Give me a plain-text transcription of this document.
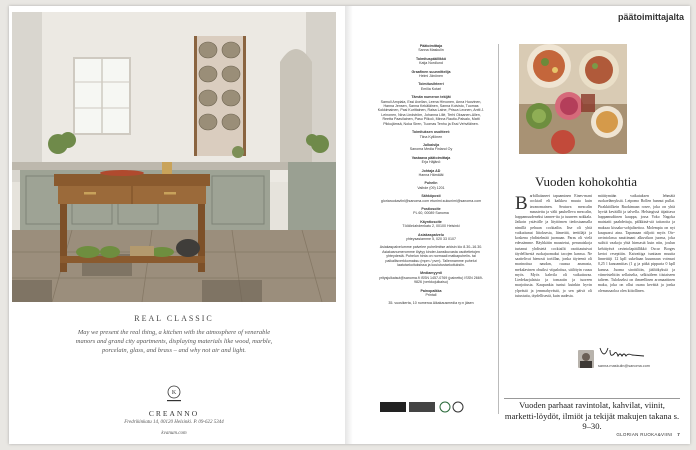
REAL CLASSIC
May we present the real thing, a kitchen with the atmosphere of venerable manors and grand city apartments, displaying materials like wood, marble, porcelain, glass, and brass – and why not air and light.
K
CREANNO
Fredrikinkatu 14, 00120 Helsinki. P. 09-622 5344
kvanum.com
päätoimittajalta
Päätoimittaja
Sanna Maskulin
Toimituspäällikkö
Katja Nordlund
Graafinen suunnittelija
Helmi Jänönen
Toimitusihteeri
Emilia Kotari
Tämän numeron tekijät
Samuli Ampiala, Essi Avellan, Leena Hirvonen, Anna Huovinen, Hanna Jensen, Sanna Kekäläinen, Sanna Koivisto, Tuomas Kokkimainen, Pasi Kurittainen, Raisa Laine, Prisca Leonen, Antti J. Leinonen, Nina Lindström, Johanna Lillé, Terhi Oksanen-Allen, Reetta Paavilainen, Pasu Pilkoö, Minna Rautio-Palsalo, Matti Pikkujämsä, Noka Siren, Tuomas Tenhu ja Essi Vehviläinen.
Toimituksen osoitteet:
Tiina Kyllönen
Julkaisija
Sanoma Media Finland Oy
Vastaava päätoimittaja
Erja Häjänö
Johtaja AD
Hanna Hämäläi
Puhelin
Vaihde (09) 1201
Sähköposti
gloriaruokaviini@sanoma.com etunimi.sukunimi@sanoma.com
Postiosoite
PL 60, 00089 Sanoma
Käyntiosoite
Töölönlahdenkatu 2, 00100 Helsinki
Asiakaspalvelu
yhteysasiamme 5, 020 33 0107
Asiakaspalvelumme palvelee puhelimitse arkisin klo 8.30–16.30. Asiakasnumeromme löytyy kinder-kansikuvasta osoitetietojen yhteydestä. Puhelun hinta on normaali matkapuhelin- tai paikallisverkkomaksu (mpm / pvm). Tallennamme puhelut laatutarkoituksissa ja koulutustarkoituksiin.
Mediamyynti
yritysjulkaisut@sanoma.fi ISSN 1457-0769 (painettu) ISSN 2669-9826 (verkkojulkaisu)
Painopaikka
Printall
35. vuosikerta, 10 numeroa Aikakausmedia ry:n jäsen
Vuoden kohokohtia
Barbillaitaneet tapaaminen Eines-mani cocktail eli kaikkea muuta kuin tavanomainen. Seutuva mezcalin maustettu ja välii pauhelleva mezcalin, happamuudeneksi tannee-ita ja tuuneen nokkala. Jatkoin ystävälle ja lityttömen tiedostaamalla nimillä pehuan cocktailin. Itse oli yhtä vaikuttunut liitoksesta, liimettiä, teettiläjä ja koskena yhdistelmää juomaan. Paras oli vielä edessämme. Räyhkätin maustetut, perunaiskoja turtanut yhdistetä cocktailit osoittautuivat täydellisestä ruokajuomaksi tacojen kanssa. Ne saattelivat hienosti tortillan, jonka täyteenä oli marinoitua naudan, ruusua ananasta, mekalavinen ohuiksi viipaloitua, säilötyin ruusu myös. Myös kahvila oli vaikuttavaa. Liedekarjalaisia ja tomaatin ja tuoreen marjoitusta. Kaupunkia tuntui kuinkin hyvin ylpeästä ja jemmahyvästä, jo sen päivä oli tutustuttu, täydellisestä, kuin uudesta.
mäittymään vaikutuksen lehmäiä ruokaelämyksiä. Leipomo Rollen hunnut pullat. Pirakkitilkein Ruokimaan rosee, joka on yhtä hyvää keväällä ja talvella. Helsingissä täjaittava happamudiinen kauppa, jossa Yoko Nagoka maistatti paahdettuja, pälkkinä-siä tattaroita ja maksaa kissako-sobjalisettoa. Molempia on nyt kaupsassi aina. Tapamaan riiljotti myös Oiv-ravintolassa nauttimani alkuvikon juoma, joka suihtii vaakoja yhtä hirmastä kuin niin, joulun kehittyävä ravintolapäällikkö Oscar Borges kertoi resepttiin. Kaivattiga tuntiaan muutta linnettiiji 12 kpll sukeltaan kuunnaan voimuri 0,25 l kanoamiitas (1 g ja pitkä pippuria 0 kpll kanssa. Juoma sirottiltiin, jäältökyksiä ja viimeistelttiin sellaiselta, selkisäleen tiistaiseen talteen. Tulokseksi on ihmeellinen aromaattinen maku, joka on ollut osana kevättä ja jonka olemassaoloa olen kiitollinen.
sanna.maskulin@sanoma.com
Vuoden parhaat ravintolat, kahvilat, viinit, marketti-löydöt, ilmiöt ja tekijät makujen takana s. 9–30.
GLORIAN RUOKA&VIINI 7
